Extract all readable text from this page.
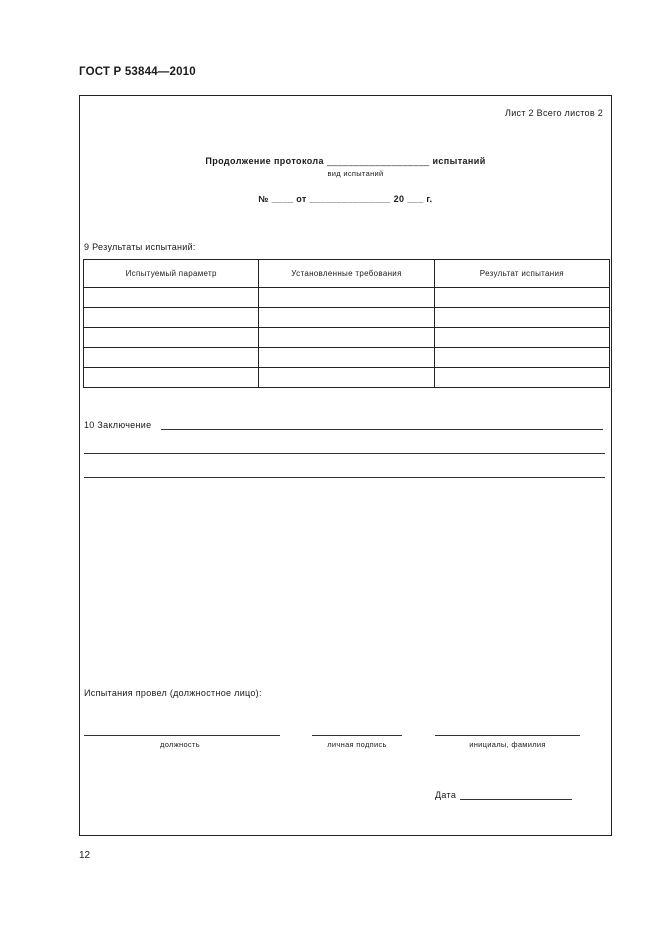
ГОСТ Р 53844—2010
Лист 2 Всего листов 2
Продолжение протокола ___________________ испытаний
вид испытаний
№ ____ от _______________ 20 ___ г.
9 Результаты испытаний:
Испытуемый параметр	Установленные требования	Результат испытания

10 Заключение
Испытания провел (должностное лицо):
должность	личная подпись	инициалы, фамилия
Дата
12
